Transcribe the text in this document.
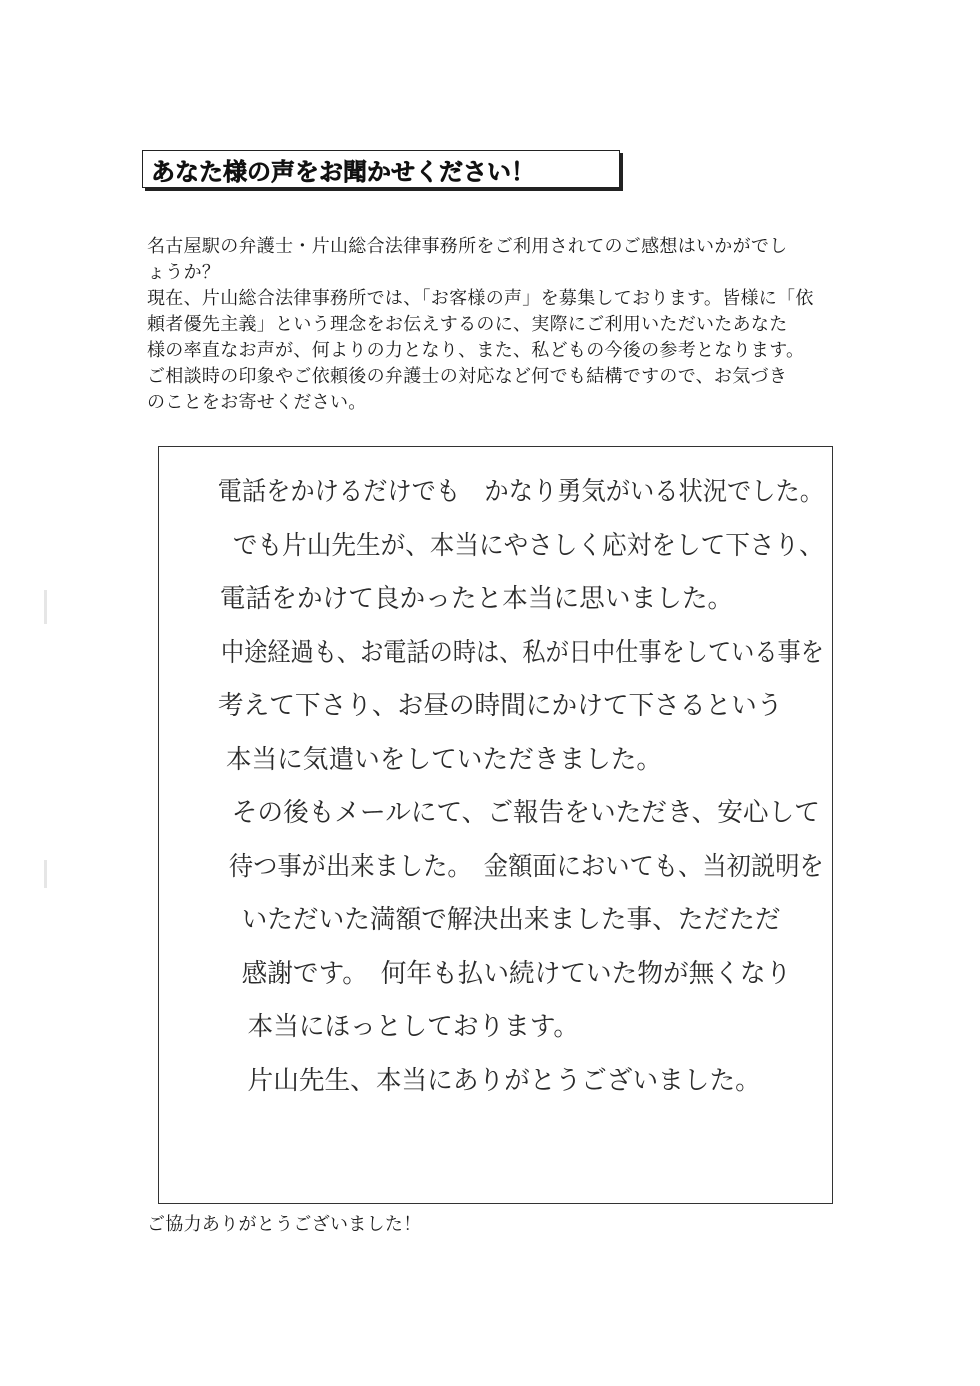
あなた様の声をお聞かせください！

名古屋駅の弁護士・片山総合法律事務所をご利用されてのご感想はいかがでし

ょうか？

現在、片山総合法律事務所では、「お客様の声」を募集しております。皆様に「依

頼者優先主義」という理念をお伝えするのに、実際にご利用いただいたあなた

様の率直なお声が、何よりの力となり、また、私どもの今後の参考となります。

ご相談時の印象やご依頼後の弁護士の対応など何でも結構ですので、お気づき

のことをお寄せください。

電話をかけるだけでも　かなり勇気がいる状況でした。
でも片山先生が、本当にやさしく応対をして下さり、
電話をかけて良かったと本当に思いました。
中途経過も、お電話の時は、私が日中仕事をしている事を
考えて下さり、お昼の時間にかけて下さるという
本当に気遣いをしていただきました。
その後もメールにて、ご報告をいただき、安心して
待つ事が出来ました。　金額面においても、当初説明を
いただいた満額で解決出来ました事、ただただ
感謝です。　何年も払い続けていた物が無くなり
本当にほっとしております。
片山先生、本当にありがとうございました。
ご協力ありがとうございました！
